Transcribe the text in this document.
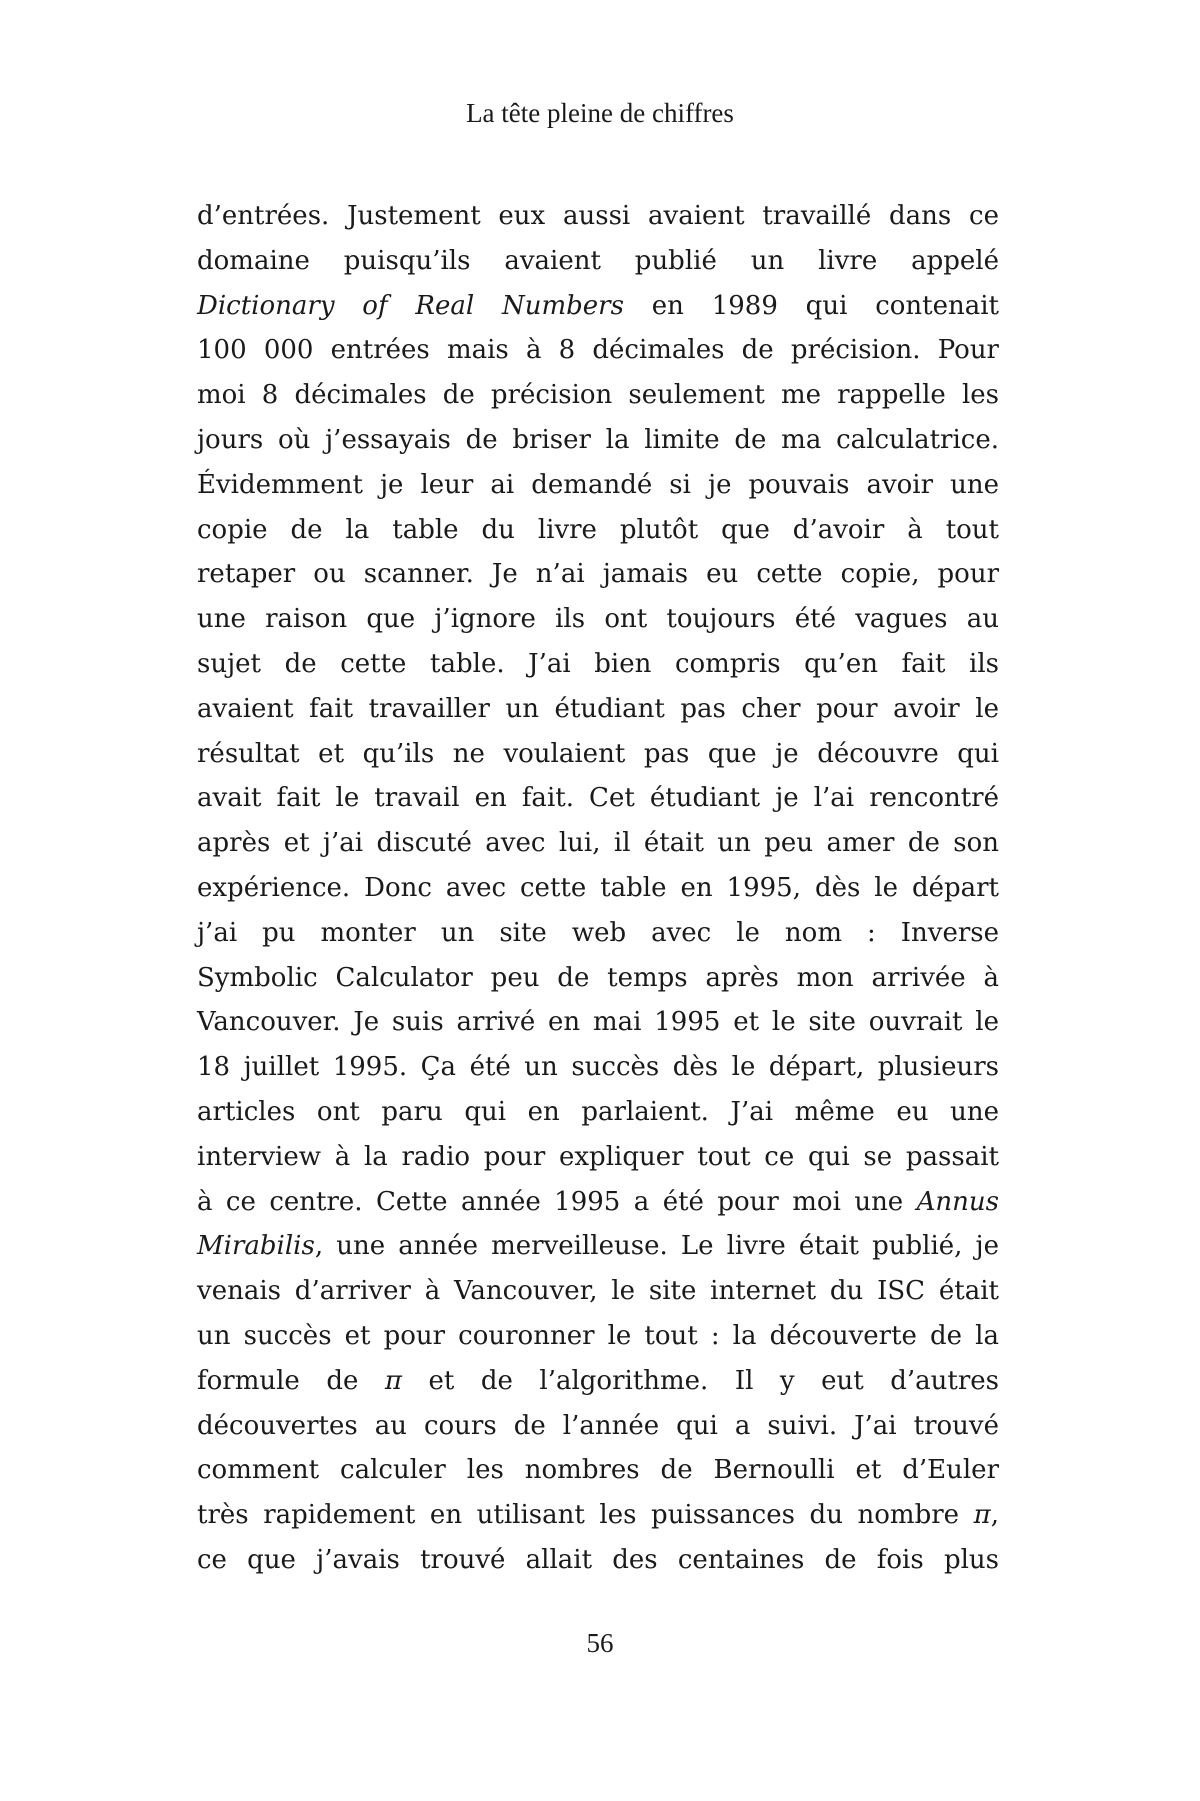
La tête pleine de chiffres
d’entrées. Justement eux aussi avaient travaillé dans ce
domaine puisqu’ils avaient publié un livre appelé
Dictionary of Real Numbers en 1989 qui contenait
100 000 entrées mais à 8 décimales de précision. Pour
moi 8 décimales de précision seulement me rappelle les
jours où j’essayais de briser la limite de ma calculatrice.
Évidemment je leur ai demandé si je pouvais avoir une
copie de la table du livre plutôt que d’avoir à tout
retaper ou scanner. Je n’ai jamais eu cette copie, pour
une raison que j’ignore ils ont toujours été vagues au
sujet de cette table. J’ai bien compris qu’en fait ils
avaient fait travailler un étudiant pas cher pour avoir le
résultat et qu’ils ne voulaient pas que je découvre qui
avait fait le travail en fait. Cet étudiant je l’ai rencontré
après et j’ai discuté avec lui, il était un peu amer de son
expérience. Donc avec cette table en 1995, dès le départ
j’ai pu monter un site web avec le nom : Inverse
Symbolic Calculator peu de temps après mon arrivée à
Vancouver. Je suis arrivé en mai 1995 et le site ouvrait le
18 juillet 1995. Ça été un succès dès le départ, plusieurs
articles ont paru qui en parlaient. J’ai même eu une
interview à la radio pour expliquer tout ce qui se passait
à ce centre. Cette année 1995 a été pour moi une Annus
Mirabilis, une année merveilleuse. Le livre était publié, je
venais d’arriver à Vancouver, le site internet du ISC était
un succès et pour couronner le tout : la découverte de la
formule de π et de l’algorithme. Il y eut d’autres
découvertes au cours de l’année qui a suivi. J’ai trouvé
comment calculer les nombres de Bernoulli et d’Euler
très rapidement en utilisant les puissances du nombre π,
ce que j’avais trouvé allait des centaines de fois plus
56
